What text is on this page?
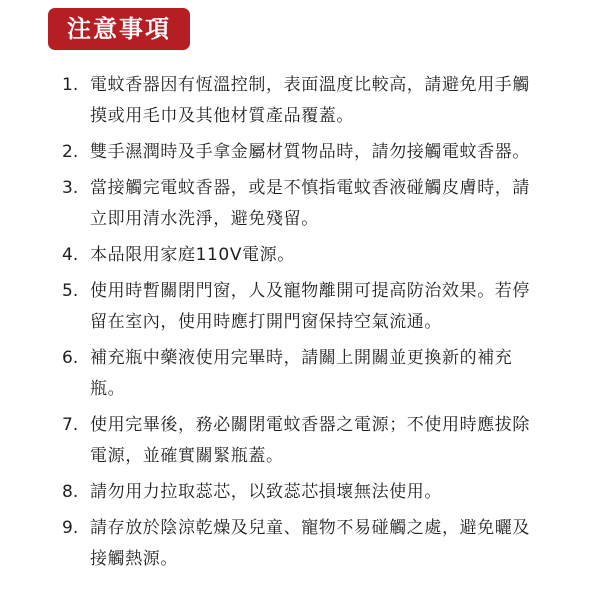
注意事項
1. 電蚊香器因有恆溫控制，表面溫度比較高，請避免用手觸摸或用毛巾及其他材質產品覆蓋。
2. 雙手濕潤時及手拿金屬材質物品時，請勿接觸電蚊香器。
3. 當接觸完電蚊香器，或是不慎指電蚊香液碰觸皮膚時，請立即用清水洗淨，避免殘留。
4. 本品限用家庭110V電源。
5. 使用時暫關閉門窗，人及寵物離開可提高防治效果。若停留在室內，使用時應打開門窗保持空氣流通。
6. 補充瓶中藥液使用完畢時，請關上開關並更換新的補充瓶。
7. 使用完畢後，務必關閉電蚊香器之電源；不使用時應拔除電源，並確實關緊瓶蓋。
8. 請勿用力拉取蕊芯，以致蕊芯損壞無法使用。
9. 請存放於陰涼乾燥及兒童、寵物不易碰觸之處，避免曬及接觸熱源。
